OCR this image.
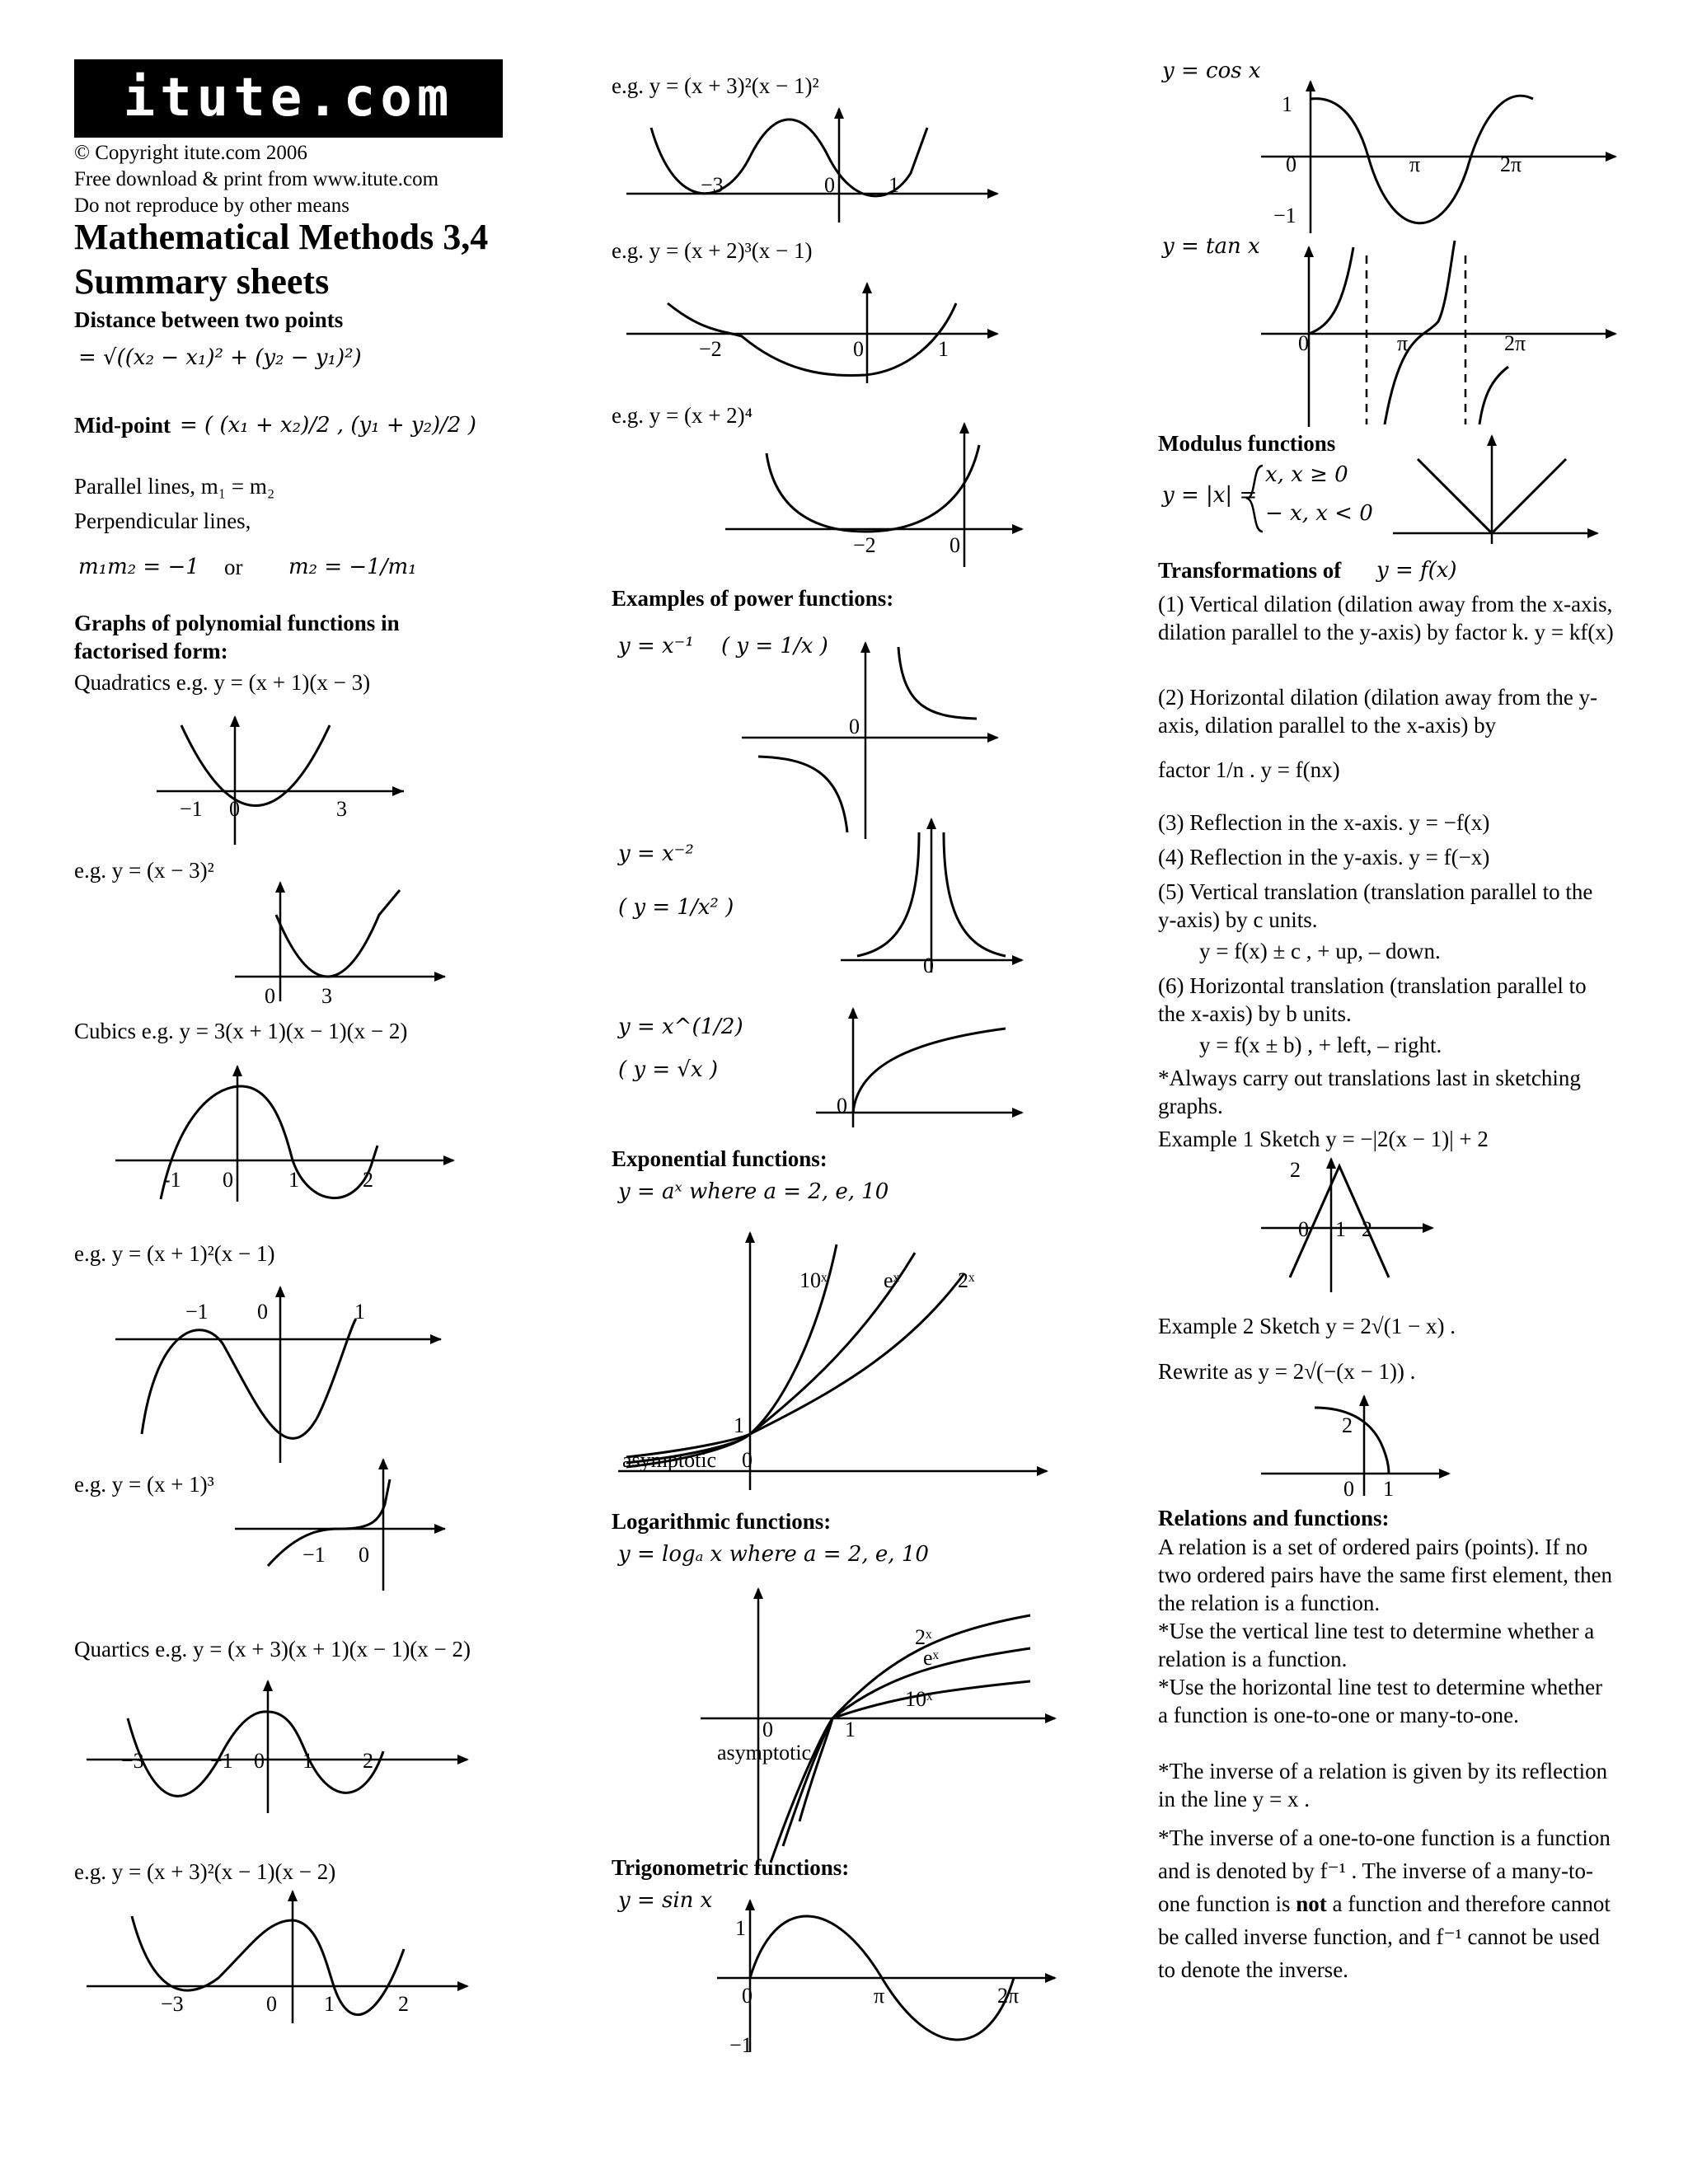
itute.com
© Copyright itute.com 2006
Free download & print from www.itute.com
Do not reproduce by other means
Mathematical Methods 3,4
Summary sheets
Distance between two points
= √((x₂ − x₁)² + (y₂ − y₁)²)
Mid-point = ( (x₁ + x₂)/2 , (y₁ + y₂)/2 )
Parallel lines, m₁ = m₂
Perpendicular lines,
m₁m₂ = −1 or m₂ = −1/m₁
Graphs of polynomial functions in
factorised form:
Quadratics e.g. y = (x + 1)(x − 3)
−1 0	3
e.g. y = (x − 3)²
0 3
Cubics e.g. y = 3(x + 1)(x − 1)(x − 2)
-1 0	1	2
e.g. y = (x + 1)²(x − 1)
−1 0	1
e.g. y = (x + 1)³
−1 0
Quartics e.g. y = (x + 3)(x + 1)(x − 1)(x − 2)
−3	−1 0 1 2
e.g. y = (x + 3)²(x − 1)(x − 2)
−3	0 1	2
e.g. y = (x + 3)²(x − 1)²
−3	0	1
e.g. y = (x + 2)³(x − 1)
−2	0	1
e.g. y = (x + 2)⁴
−2	0
Examples of power functions:
y = x⁻¹ ( y = 1/x )
0
y = x⁻²
( y = 1/x² )
0
y = x^(1/2)
( y = √x )
0
Exponential functions:
y = aˣ where a = 2, e, 10
10ˣ	eˣ	2ˣ
1
asymptotic 0
Logarithmic functions:
y = logₐ x where a = 2, e, 10
2ˣ
eˣ
10ˣ
0	1
asymptotic
Trigonometric functions:
y = sin x
1
0	π	2π
−1
y = cos x
1
0	π	2π
−1
y = tan x
0	π	2π
Modulus functions
y = |x| =
x, x ≥ 0
− x, x < 0
Transformations of y = f(x)
(1) Vertical dilation (dilation away from the x-axis, dilation parallel to the y-axis) by factor k. y = kf(x)
(2) Horizontal dilation (dilation away from the y-axis, dilation parallel to the x-axis) by
factor 1/n . y = f(nx)
(3) Reflection in the x-axis. y = −f(x)
(4) Reflection in the y-axis. y = f(−x)
(5) Vertical translation (translation parallel to the y-axis) by c units.
y = f(x) ± c , + up, – down.
(6) Horizontal translation (translation parallel to the x-axis) by b units.
y = f(x ± b) , + left, – right.
*Always carry out translations last in sketching graphs.
Example 1 Sketch y = −|2(x − 1)| + 2
2
0 1 2
Example 2 Sketch y = 2√(1 − x) .
Rewrite as y = 2√(−(x − 1)) .
2
0 1
Relations and functions:
A relation is a set of ordered pairs (points). If no two ordered pairs have the same first element, then the relation is a function.
*Use the vertical line test to determine whether a relation is a function.
*Use the horizontal line test to determine whether a function is one-to-one or many-to-one.
*The inverse of a relation is given by its reflection in the line y = x .
*The inverse of a one-to-one function is a function and is denoted by f⁻¹ . The inverse of a many-to-one function is not a function and therefore cannot be called inverse function, and f⁻¹ cannot be used to denote the inverse.
